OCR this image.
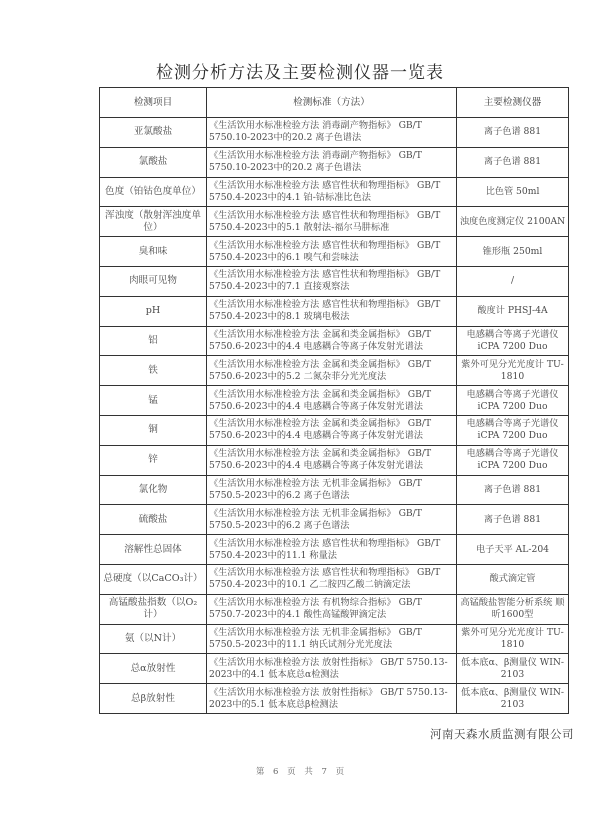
检测分析方法及主要检测仪器一览表
检测项目	检测标准（方法）	主要检测仪器
亚氯酸盐	《生活饮用水标准检验方法 消毒副产物指标》 GB/T 5750.10-2023中的20.2 离子色谱法	离子色谱 881
氯酸盐	《生活饮用水标准检验方法 消毒副产物指标》 GB/T 5750.10-2023中的20.2 离子色谱法	离子色谱 881
色度（铂钴色度单位）	《生活饮用水标准检验方法 感官性状和物理指标》 GB/T 5750.4-2023中的4.1 铂-钴标准比色法	比色管 50ml
浑浊度（散射浑浊度单位）	《生活饮用水标准检验方法 感官性状和物理指标》 GB/T 5750.4-2023中的5.1 散射法-福尔马肼标准	浊度色度测定仪 2100AN
臭和味	《生活饮用水标准检验方法 感官性状和物理指标》 GB/T 5750.4-2023中的6.1 嗅气和尝味法	锥形瓶 250ml
肉眼可见物	《生活饮用水标准检验方法 感官性状和物理指标》 GB/T 5750.4-2023中的7.1 直接观察法	/
pH	《生活饮用水标准检验方法 感官性状和物理指标》 GB/T 5750.4-2023中的8.1 玻璃电极法	酸度计 PHSJ-4A
铝	《生活饮用水标准检验方法 金属和类金属指标》 GB/T 5750.6-2023中的4.4 电感耦合等离子体发射光谱法	电感耦合等离子光谱仪 iCPA 7200 Duo
铁	《生活饮用水标准检验方法 金属和类金属指标》 GB/T 5750.6-2023中的5.2 二氮杂菲分光光度法	紫外可见分光光度计 TU-1810
锰	《生活饮用水标准检验方法 金属和类金属指标》 GB/T 5750.6-2023中的4.4 电感耦合等离子体发射光谱法	电感耦合等离子光谱仪 iCPA 7200 Duo
铜	《生活饮用水标准检验方法 金属和类金属指标》 GB/T 5750.6-2023中的4.4 电感耦合等离子体发射光谱法	电感耦合等离子光谱仪 iCPA 7200 Duo
锌	《生活饮用水标准检验方法 金属和类金属指标》 GB/T 5750.6-2023中的4.4 电感耦合等离子体发射光谱法	电感耦合等离子光谱仪 iCPA 7200 Duo
氯化物	《生活饮用水标准检验方法 无机非金属指标》 GB/T 5750.5-2023中的6.2 离子色谱法	离子色谱 881
硫酸盐	《生活饮用水标准检验方法 无机非金属指标》 GB/T 5750.5-2023中的6.2 离子色谱法	离子色谱 881
溶解性总固体	《生活饮用水标准检验方法 感官性状和物理指标》 GB/T 5750.4-2023中的11.1 称量法	电子天平 AL-204
总硬度（以CaCO₃计）	《生活饮用水标准检验方法 感官性状和物理指标》 GB/T 5750.4-2023中的10.1 乙二胺四乙酸二钠滴定法	酸式滴定管
高锰酸盐指数（以O₂计）	《生活饮用水标准检验方法 有机物综合指标》 GB/T 5750.7-2023中的4.1 酸性高锰酸钾滴定法	高锰酸盐智能分析系统 顺昕1600型
氨（以N计）	《生活饮用水标准检验方法 无机非金属指标》 GB/T 5750.5-2023中的11.1 纳氏试剂分光光度法	紫外可见分光光度计 TU-1810
总α放射性	《生活饮用水标准检验方法 放射性指标》 GB/T 5750.13-2023中的4.1 低本底总α检测法	低本底α、β测量仪 WIN-2103
总β放射性	《生活饮用水标准检验方法 放射性指标》 GB/T 5750.13-2023中的5.1 低本底总β检测法	低本底α、β测量仪 WIN-2103
河南天森水质监测有限公司
第 6 页 共 7 页
